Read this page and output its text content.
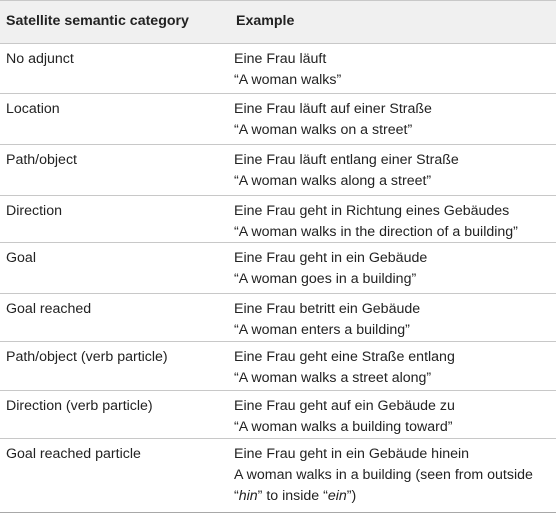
Satellite semantic category	Example
No adjunct	Eine Frau läuft
“A woman walks”
Location	Eine Frau läuft auf einer Straße
“A woman walks on a street”
Path/object	Eine Frau läuft entlang einer Straße
“A woman walks along a street”
Direction	Eine Frau geht in Richtung eines Gebäudes
“A woman walks in the direction of a building”
Goal	Eine Frau geht in ein Gebäude
“A woman goes in a building”
Goal reached	Eine Frau betritt ein Gebäude
“A woman enters a building”
Path/object (verb particle)	Eine Frau geht eine Straße entlang
“A woman walks a street along”
Direction (verb particle)	Eine Frau geht auf ein Gebäude zu
“A woman walks a building toward”
Goal reached particle	Eine Frau geht in ein Gebäude hinein
A woman walks in a building (seen from outside
“hin” to inside “ein”)
